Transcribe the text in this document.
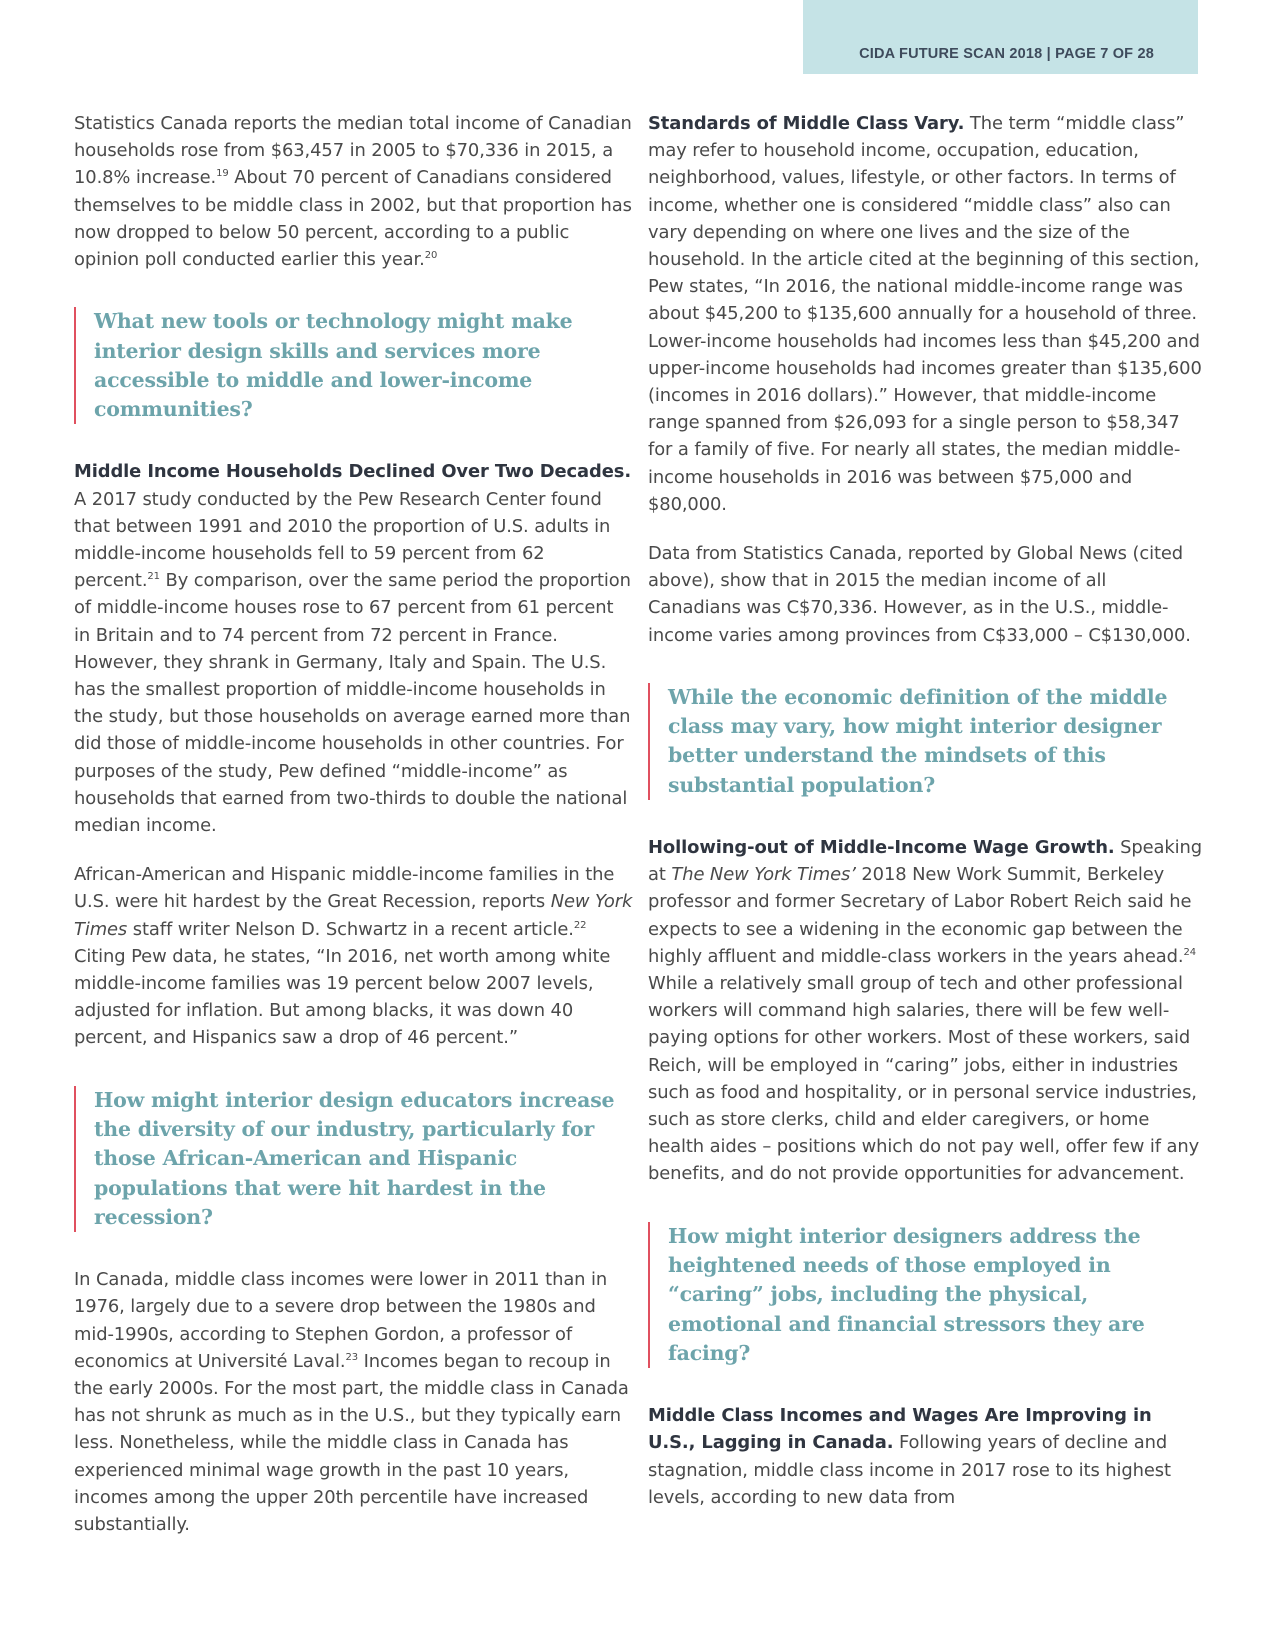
CIDA FUTURE SCAN 2018 | PAGE 7 OF 28

Statistics Canada reports the median total income of Canadian households rose from $63,457 in 2005 to $70,336 in 2015, a 10.8% increase.$^{19}$ About 70 percent of Canadians considered themselves to be middle class in 2002, but that proportion has now dropped to below 50 percent, according to a public opinion poll conducted earlier this year.$^{20}$

What new tools or technology might make interior design skills and services more accessible to middle and lower-income communities?

Middle Income Households Declined Over Two Decades. A 2017 study conducted by the Pew Research Center found that between 1991 and 2010 the proportion of U.S. adults in middle-income households fell to 59 percent from 62 percent.$^{21}$ By comparison, over the same period the proportion of middle-income houses rose to 67 percent from 61 percent in Britain and to 74 percent from 72 percent in France. However, they shrank in Germany, Italy and Spain. The U.S. has the smallest proportion of middle-income households in the study, but those households on average earned more than did those of middle-income households in other countries. For purposes of the study, Pew defined “middle-income” as households that earned from two-thirds to double the national median income.

African-American and Hispanic middle-income families in the U.S. were hit hardest by the Great Recession, reports New York Times staff writer Nelson D. Schwartz in a recent article.$^{22}$ Citing Pew data, he states, “In 2016, net worth among white middle-income families was 19 percent below 2007 levels, adjusted for inflation. But among blacks, it was down 40 percent, and Hispanics saw a drop of 46 percent.”

How might interior design educators increase the diversity of our industry, particularly for those African-American and Hispanic populations that were hit hardest in the recession?

In Canada, middle class incomes were lower in 2011 than in 1976, largely due to a severe drop between the 1980s and mid-1990s, according to Stephen Gordon, a professor of economics at Université Laval.$^{23}$ Incomes began to recoup in the early 2000s. For the most part, the middle class in Canada has not shrunk as much as in the U.S., but they typically earn less. Nonetheless, while the middle class in Canada has experienced minimal wage growth in the past 10 years, incomes among the upper 20th percentile have increased substantially.

Standards of Middle Class Vary. The term “middle class” may refer to household income, occupation, education, neighborhood, values, lifestyle, or other factors. In terms of income, whether one is considered “middle class” also can vary depending on where one lives and the size of the household. In the article cited at the beginning of this section, Pew states, “In 2016, the national middle-income range was about $45,200 to $135,600 annually for a household of three. Lower-income households had incomes less than $45,200 and upper-income households had incomes greater than $135,600 (incomes in 2016 dollars).” However, that middle-income range spanned from $26,093 for a single person to $58,347 for a family of five. For nearly all states, the median middle-income households in 2016 was between $75,000 and $80,000.

Data from Statistics Canada, reported by Global News (cited above), show that in 2015 the median income of all Canadians was C$70,336. However, as in the U.S., middle-income varies among provinces from C$33,000 – C$130,000.

While the economic definition of the middle class may vary, how might interior designer better understand the mindsets of this substantial population?

Hollowing-out of Middle-Income Wage Growth. Speaking at The New York Times’ 2018 New Work Summit, Berkeley professor and former Secretary of Labor Robert Reich said he expects to see a widening in the economic gap between the highly affluent and middle-class workers in the years ahead.$^{24}$ While a relatively small group of tech and other professional workers will command high salaries, there will be few well-paying options for other workers. Most of these workers, said Reich, will be employed in “caring” jobs, either in industries such as food and hospitality, or in personal service industries, such as store clerks, child and elder caregivers, or home health aides – positions which do not pay well, offer few if any benefits, and do not provide opportunities for advancement.

How might interior designers address the heightened needs of those employed in “caring” jobs, including the physical, emotional and financial stressors they are facing?

Middle Class Incomes and Wages Are Improving in U.S., Lagging in Canada. Following years of decline and stagnation, middle class income in 2017 rose to its highest levels, according to new data from
